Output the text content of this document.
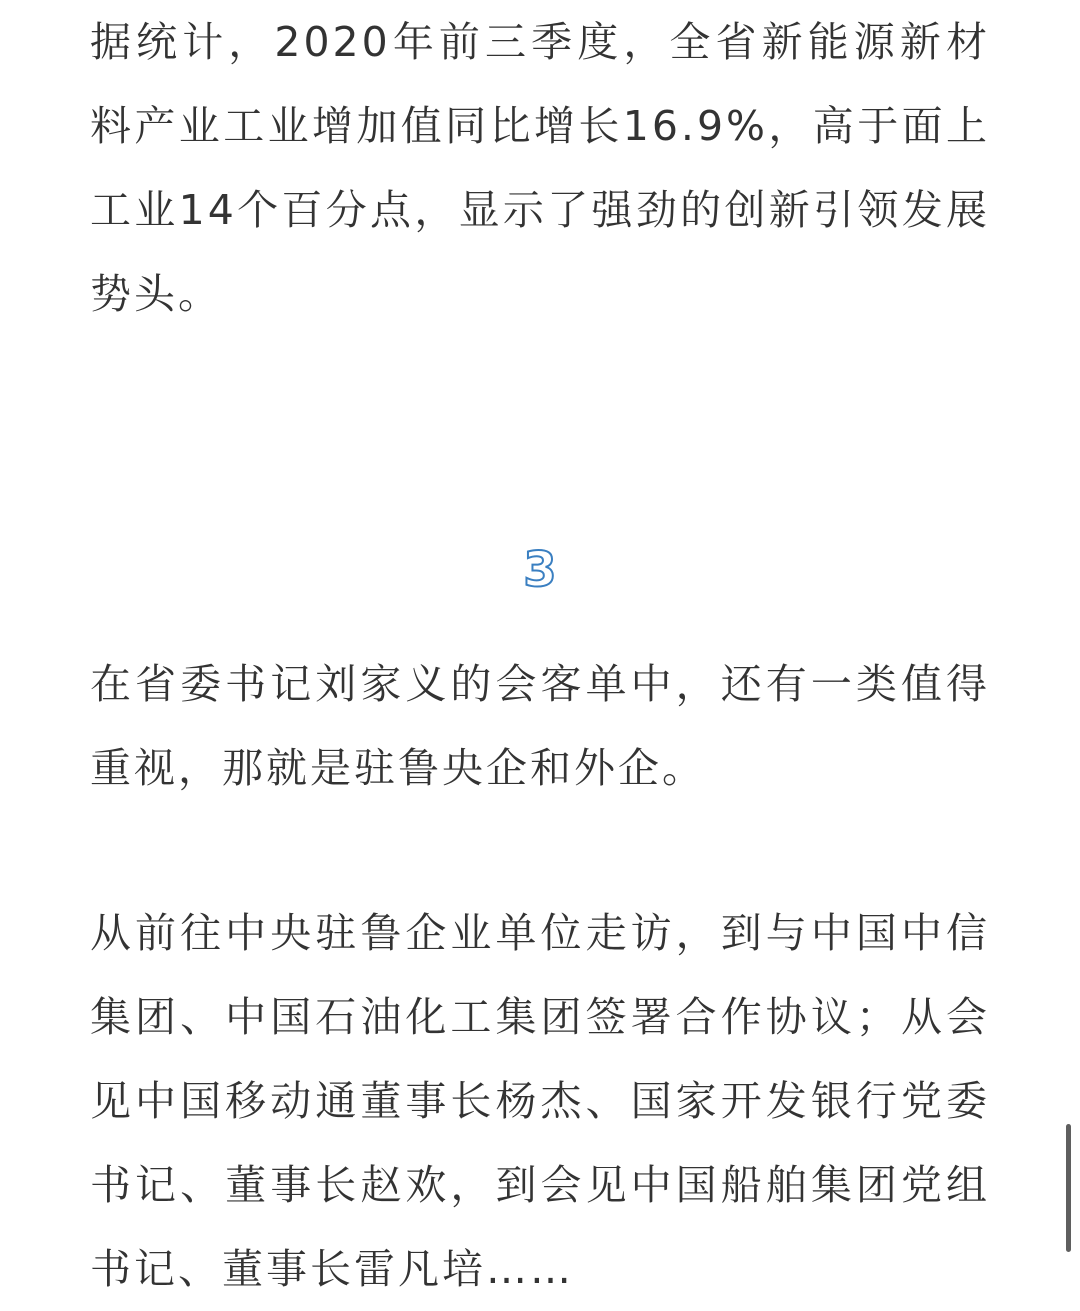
据统计，2020年前三季度，全省新能源新材料产业工业增加值同比增长16.9%，高于面上工业14个百分点，显示了强劲的创新引领发展势头。

3

在省委书记刘家义的会客单中，还有一类值得重视，那就是驻鲁央企和外企。

从前往中央驻鲁企业单位走访，到与中国中信集团、中国石油化工集团签署合作协议；从会见中国移动通董事长杨杰、国家开发银行党委书记、董事长赵欢，到会见中国船舶集团党组书记、董事长雷凡培……
